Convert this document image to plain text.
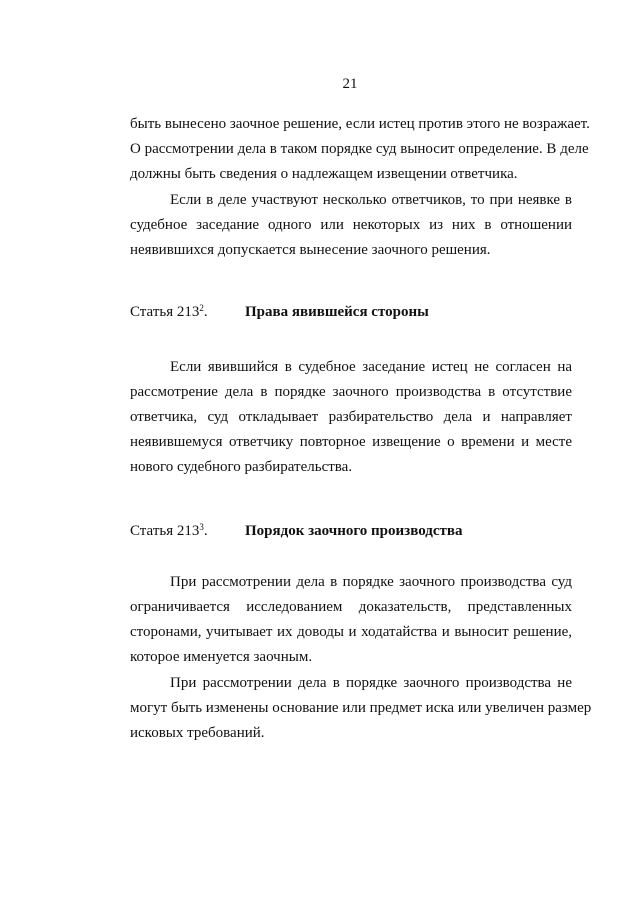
21
быть вынесено заочное решение, если истец против этого не возражает.
О рассмотрении дела в таком порядке суд выносит определение. В деле
должны быть сведения о надлежащем извещении ответчика.
Если в деле участвуют несколько ответчиков, то при неявке в
судебное заседание одного или некоторых из них в отношении
неявившихся допускается вынесение заочного решения.
Статья $213^2$. Права явившейся стороны
Если явившийся в судебное заседание истец не согласен на
рассмотрение дела в порядке заочного производства в отсутствие
ответчика, суд откладывает разбирательство дела и направляет
неявившемуся ответчику повторное извещение о времени и месте
нового судебного разбирательства.
Статья $213^3$. Порядок заочного производства
При рассмотрении дела в порядке заочного производства суд
ограничивается исследованием доказательств, представленных
сторонами, учитывает их доводы и ходатайства и выносит решение,
которое именуется заочным.
При рассмотрении дела в порядке заочного производства не
могут быть изменены основание или предмет иска или увеличен размер
исковых требований.
